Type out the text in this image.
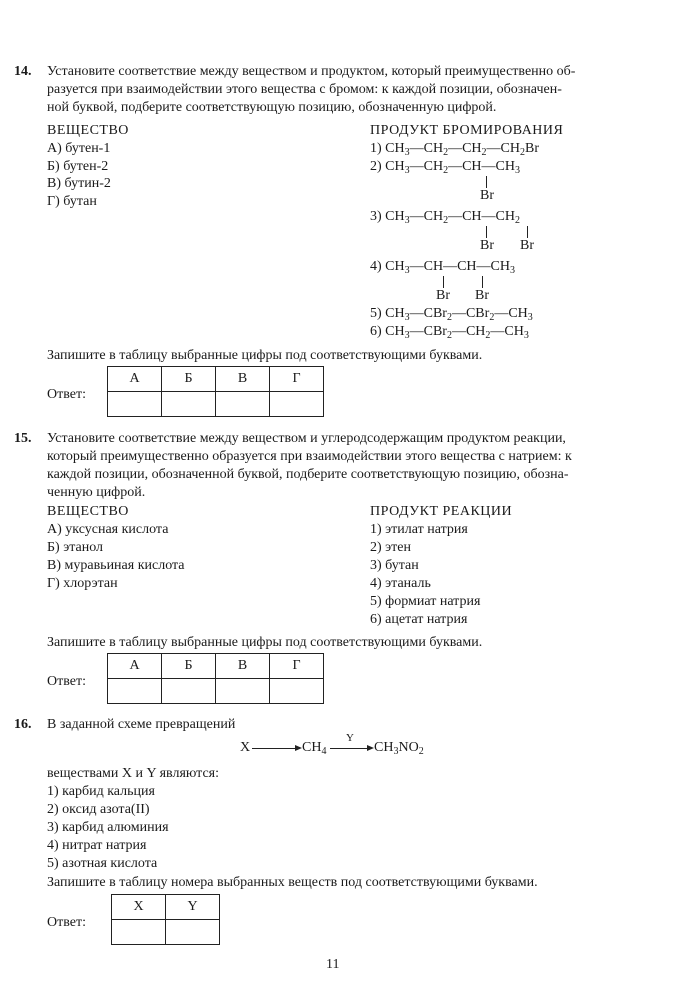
14. Установите соответствие между веществом и продуктом, который преимущественно об-
разуется при взаимодействии этого вещества с бромом: к каждой позиции, обозначен-
ной буквой, подберите соответствующую позицию, обозначенную цифрой.
ВЕЩЕСТВО
А) бутен-1
Б) бутен-2
В) бутин-2
Г) бутан
ПРОДУКТ БРОМИРОВАНИЯ
1) $CH_3—CH_2—CH_2—CH_2Br$
2) $CH_3—CH_2—CH—CH_3$
Br
3) $CH_3—CH_2—CH—CH_2$
Br Br
4) $CH_3—CH—CH—CH_3$
Br Br
5) $CH_3—CBr_2—CBr_2—CH_3$
6) $CH_3—CBr_2—CH_2—CH_3$
Запишите в таблицу выбранные цифры под соответствующими буквами.
Ответ:
А	Б	В	Г

15. Установите соответствие между веществом и углеродсодержащим продуктом реакции,
который преимущественно образуется при взаимодействии этого вещества с натрием: к
каждой позиции, обозначенной буквой, подберите соответствующую позицию, обозна-
ченную цифрой.
ВЕЩЕСТВО
А) уксусная кислота
Б) этанол
В) муравьиная кислота
Г) хлорэтан
ПРОДУКТ РЕАКЦИИ
1) этилат натрия
2) этен
3) бутан
4) этаналь
5) формиат натрия
6) ацетат натрия
Запишите в таблицу выбранные цифры под соответствующими буквами.
Ответ:
А	Б	В	Г

16. В заданной схеме превращений
X	$CH_4$
Y
$CH_3NO_2$
веществами X и Y являются:
1) карбид кальция
2) оксид азота(II)
3) карбид алюминия
4) нитрат натрия
5) азотная кислота
Запишите в таблицу номера выбранных веществ под соответствующими буквами.
Ответ:
X	Y

11
